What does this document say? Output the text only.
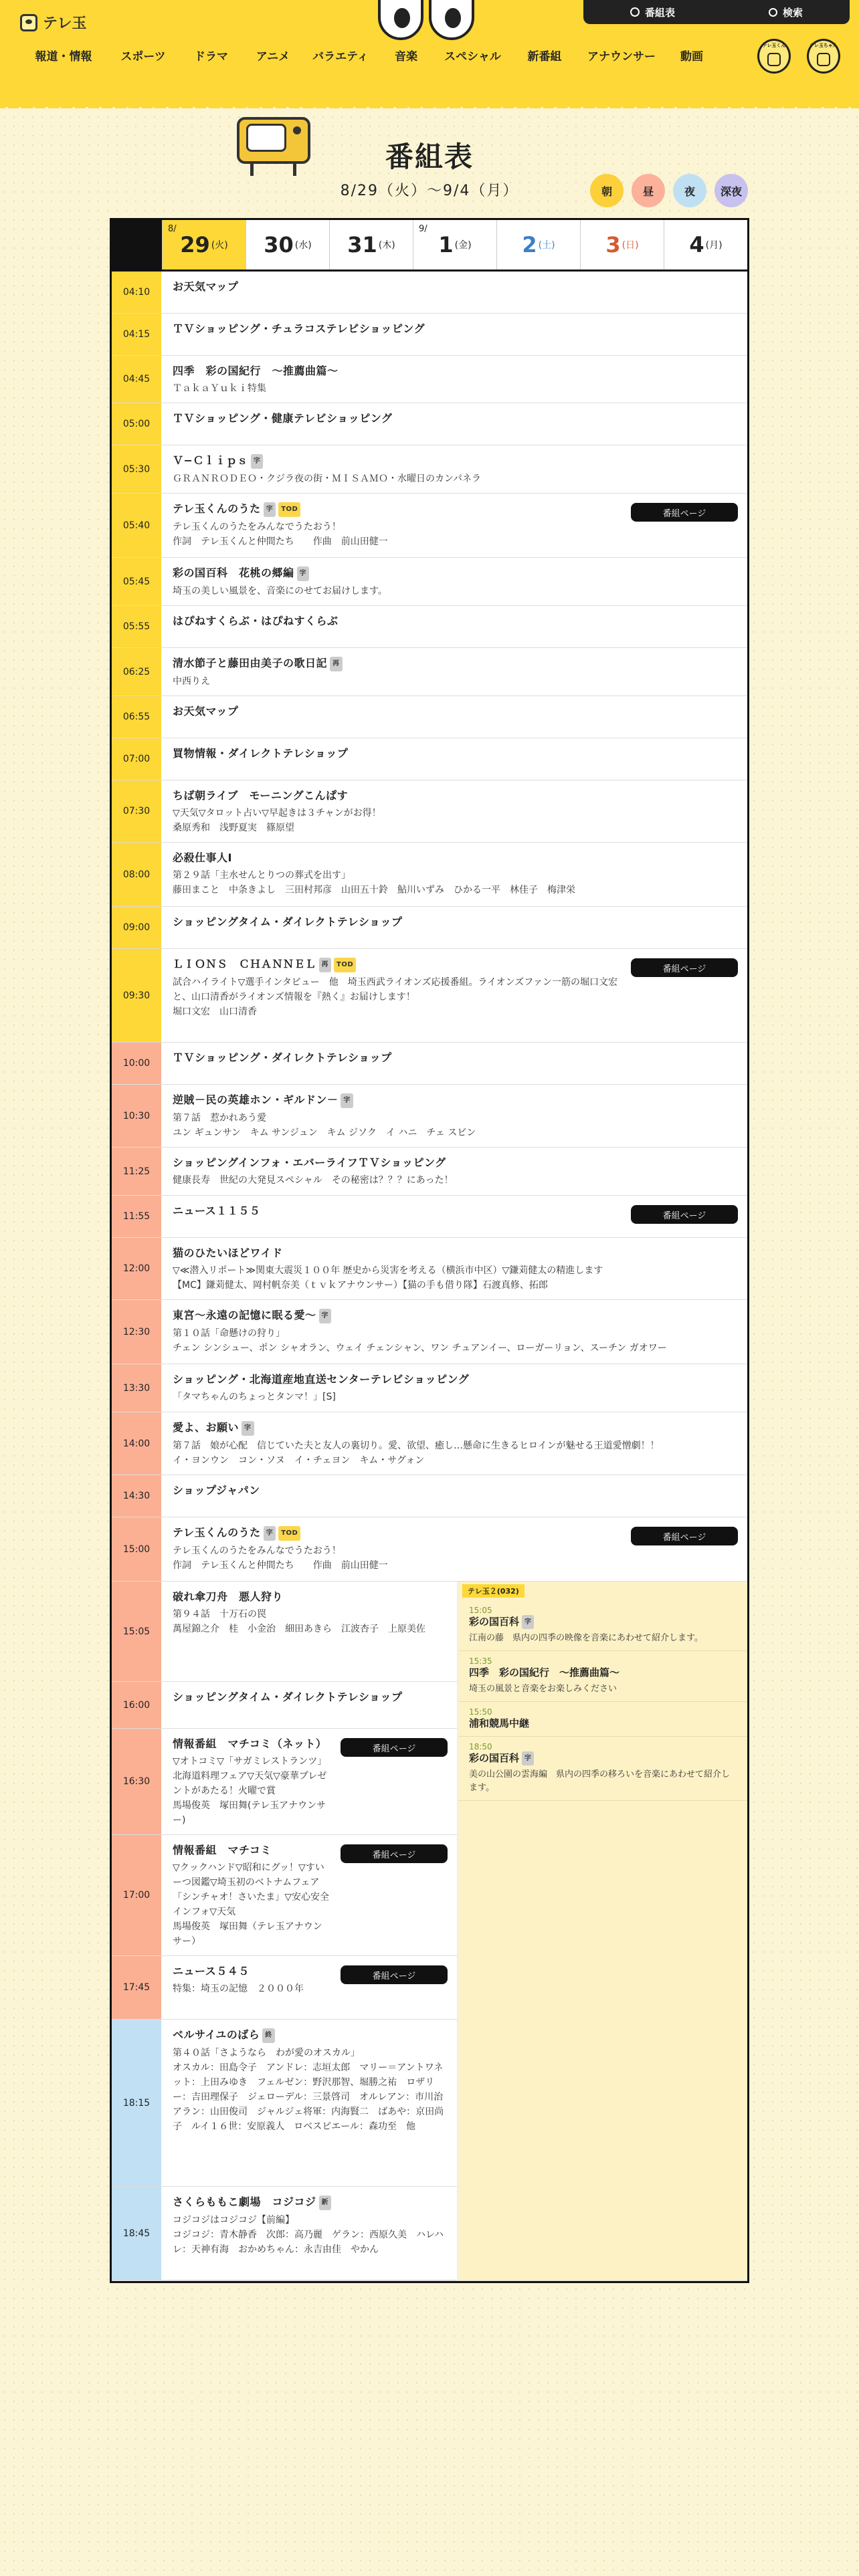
テレ玉
番組表	検索
報道・情報	スポーツ	ドラマ	アニメ	バラエティ	音楽	スペシャル	新番組	アナウンサー	動画
テレ玉くん	テレ玉ちゃん
番組表
8/29（火）〜9/4（月）	朝	昼	夜	深夜
8/
29 (火) 30 (水) 31 (木)
9/
1 (金) 2 (土) 3 (日) 4 (月)
04:10	お天気マップ
04:15	ＴＶショッピング・チュラコステレビショッピング
04:45
四季　彩の国紀行　〜推薦曲篇〜
ＴａｋａＹｕｋｉ特集
05:00	ＴＶショッピング・健康テレビショッピング
05:30
Ｖ−Ｃｌｉｐｓ 字
ＧＲＡＮＲＯＤＥＯ・クジラ夜の街・ＭＩＳＡＭＯ・水曜日のカンパネラ
05:40
テレ玉くんのうた 字 TOD
テレ玉くんのうたをみんなでうたおう！
作詞　テレ玉くんと仲間たち　　作曲　前山田健一
番組ページ
05:45
彩の国百科　花桃の郷編 字
埼玉の美しい風景を、音楽にのせてお届けします。
05:55	はぴねすくらぶ・はぴねすくらぶ
06:25
清水節子と藤田由美子の歌日記 再
中西りえ
06:55	お天気マップ
07:00	買物情報・ダイレクトテレショップ
07:30
ちば朝ライブ　モーニングこんぱす
▽天気▽タロット占い▽早起きは３チャンがお得！
桑原秀和　浅野夏実　篠原望
08:00
必殺仕事人Ⅰ
第２９話「主水せんとりつの葬式を出す」
藤田まこと　中条きよし　三田村邦彦　山田五十鈴　鮎川いずみ　ひかる一平　林佳子　梅津栄
09:00	ショッピングタイム・ダイレクトテレショップ
09:30
ＬＩＯＮＳ　ＣＨＡＮＮＥＬ 再 TOD
試合ハイライト▽選手インタビュー　他　埼玉西武ライオンズ応援番組。ライオンズファン一筋の堀口文宏と、山口清香がライオンズ情報を『熱く』お届けします！
堀口文宏　山口清香
番組ページ
10:00	ＴＶショッピング・ダイレクトテレショップ
10:30
逆賊－民の英雄ホン・ギルドン－ 字
第７話　惹かれあう愛
ユン ギュンサン　キム サンジュン　キム ジソク　イ ハニ　チェ スビン
11:25
ショッピングインフォ・エバーライフＴＶショッピング
健康長寿　世紀の大発見スペシャル　その秘密は？？？にあった！
11:55	ニュース１１５５	番組ページ
12:00
猫のひたいほどワイド
▽≪潜入リポート≫関東大震災１００年 歴史から災害を考える（横浜市中区）▽鎌苅健太の精進します
【MC】鎌苅健太、岡村帆奈美（ｔｖｋアナウンサー）【猫の手も借り隊】石渡真修、拓郎
12:30
東宮〜永遠の記憶に眠る愛〜 字
第１０話「命懸けの狩り」
チェン シンシュー、ポン シャオラン、ウェイ チェンシャン、ワン チュアンイー、ローガーリョン、スーチン ガオワー
13:30
ショッピング・北海道産地直送センターテレビショッピング
「タマちゃんのちょっとタンマ！」[S]
14:00
愛よ、お願い 字
第７話　娘が心配　信じていた夫と友人の裏切り。愛、欲望、癒し…懸命に生きるヒロインが魅せる王道愛憎劇！！
イ・ヨンウン　コン・ソヌ　イ・チェヨン　キム・サグォン
14:30	ショップジャパン
15:00
テレ玉くんのうた 字 TOD
テレ玉くんのうたをみんなでうたおう！
作詞　テレ玉くんと仲間たち　　作曲　前山田健一
番組ページ
15:05
破れ傘刀舟　悪人狩り
第９４話　十万石の罠
萬屋錦之介　桂　小金治　細田あきら　江波杏子　上原美佐
16:00
ショッピングタイム・ダイレクトテレショップ
16:30
情報番組　マチコミ（ネット）
▽オトコミ▽「サガミレストランツ」北海道料理フェア▽天気▽豪華プレゼントがあたる！火曜で賞
馬場俊英　塚田舞(テレ玉アナウンサー)
番組ページ
17:00
情報番組　マチコミ
▽クックハンド▽昭和にグッ！▽すいーつ図鑑▽埼玉初のベトナムフェア「シンチャオ！さいたま」▽安心安全インフォ▽天気
馬場俊英　塚田舞（テレ玉アナウンサー）
番組ページ
17:45
ニュース５４５
特集：埼玉の記憶　２０００年
番組ページ
18:15
ベルサイユのばら 終
第４０話「さようなら　わが愛のオスカル」
オスカル：田島令子　アンドレ：志垣太郎　マリー＝アントワネット：上田みゆき　フェルゼン：野沢那智、堀勝之祐　ロザリー：吉田理保子　ジェローデル：三景啓司　オルレアン：市川治　アラン：山田俊司　ジャルジェ将軍：内海賢二　ばあや：京田尚子　ルイ１６世：安原義人　ロベスピエール：森功至　他
18:45
さくらももこ劇場　コジコジ 新
コジコジはコジコジ【前編】
コジコジ：青木静香　次郎：高乃麗　ゲラン：西原久美　ハレハレ：天神有海　おかめちゃん：永吉由佳　やかん
テレ玉２(032)
15:05
彩の国百科 字
江南の藤　県内の四季の映像を音楽にあわせて紹介します。
15:35
四季　彩の国紀行　〜推薦曲篇〜
埼玉の風景と音楽をお楽しみください
15:50
浦和競馬中継
18:50
彩の国百科 字
美の山公園の雲海編　県内の四季の移ろいを音楽にあわせて紹介します。
